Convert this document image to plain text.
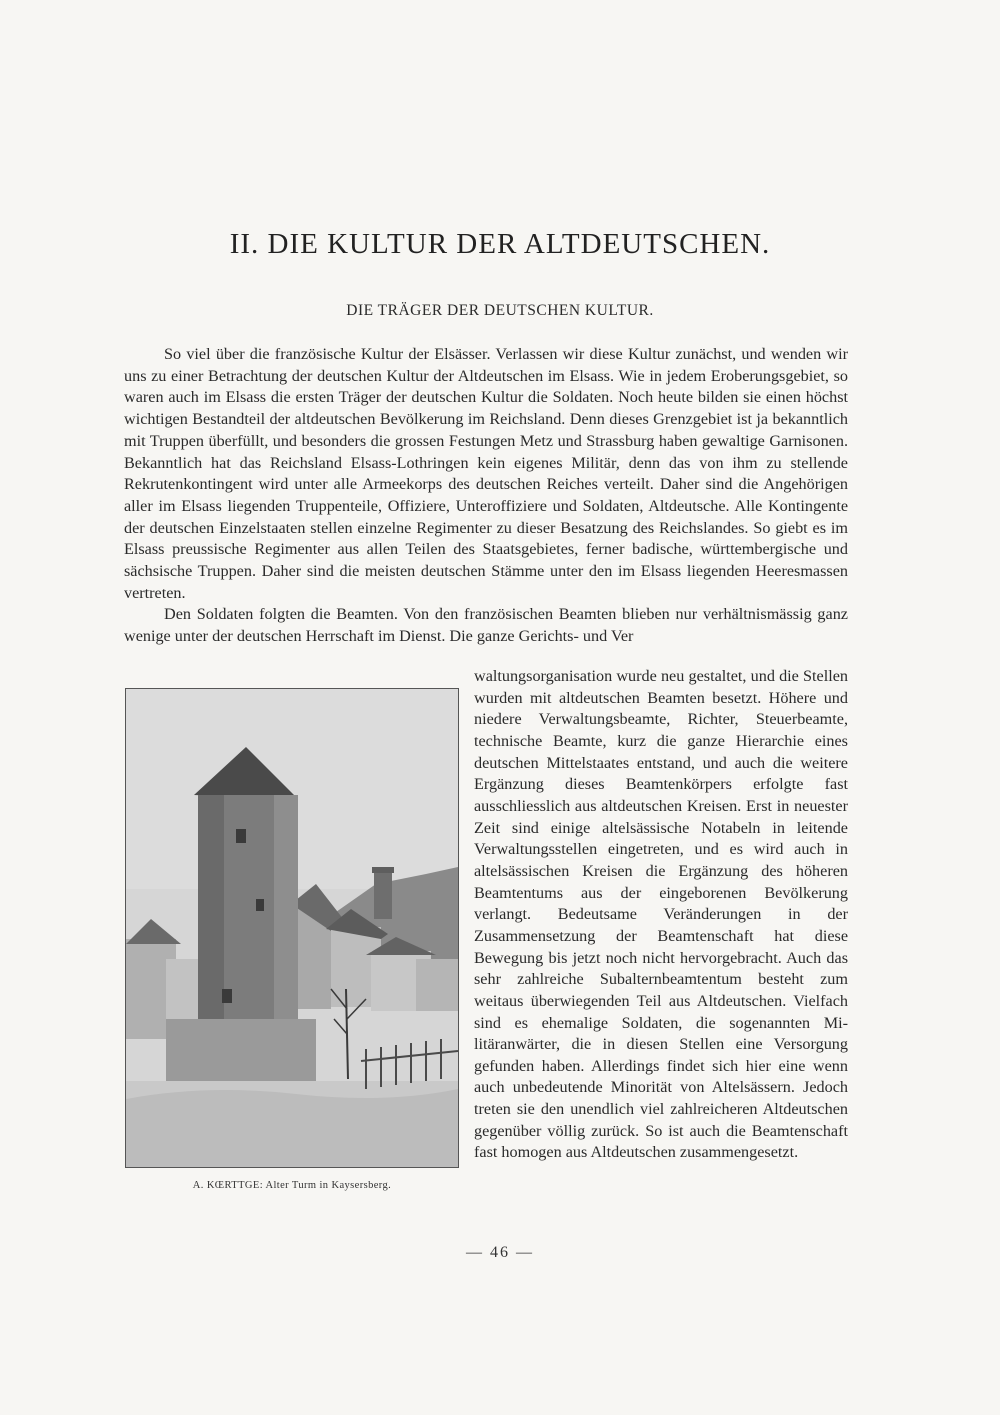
II. DIE KULTUR DER ALTDEUTSCHEN.
DIE TRÄGER DER DEUTSCHEN KULTUR.

So viel über die französische Kultur der Elsässer. Verlassen wir diese Kultur zunächst, und wenden wir uns zu einer Betrachtung der deutschen Kultur der Altdeutschen im Elsass. Wie in jedem Eroberungsgebiet, so waren auch im Elsass die ersten Träger der deutschen Kultur die Soldaten. Noch heute bilden sie einen höchst wichtigen Bestandteil der altdeutschen Bevölkerung im Reichsland. Denn dieses Grenzgebiet ist ja bekanntlich mit Truppen überfüllt, und besonders die grossen Festungen Metz und Strassburg haben gewaltige Garnisonen. Bekanntlich hat das Reichsland Elsass-Lothringen kein eigenes Militär, denn das von ihm zu stellende Rekrutenkontingent wird unter alle Armeekorps des deutschen Reiches verteilt. Daher sind die Angehörigen aller im Elsass liegenden Truppenteile, Offiziere, Unteroffiziere und Soldaten, Altdeutsche. Alle Kontingente der deutschen Einzelstaaten stellen einzelne Regimenter zu dieser Besatzung des Reichslandes. So giebt es im Elsass preussische Regimenter aus allen Teilen des Staatsgebietes, ferner badische, württembergische und sächsische Truppen. Daher sind die meisten deutschen Stämme unter den im Elsass liegenden Heeresmassen vertreten.

Den Soldaten folgten die Beamten. Von den französischen Beamten blieben nur verhältnismässig ganz wenige unter der deutschen Herrschaft im Dienst. Die ganze Gerichts- und Ver

A. KŒRTTGE: Alter Turm in Kaysersberg.

waltungsorganisation wurde neu gestaltet, und die Stellen wurden mit altdeutschen Beamten besetzt. Höhere und niedere Verwaltungsbeamte, Richter, Steuerbeamte, technische Beamte, kurz die ganze Hierarchie eines deutschen Mittelstaates entstand, und auch die weitere Ergänzung dieses Beamtenkörpers erfolgte fast ausschliesslich aus altdeutschen Kreisen. Erst in neuester Zeit sind einige altelsässische Notabeln in leitende Verwaltungsstellen eingetreten, und es wird auch in altelsässischen Kreisen die Ergänzung des höheren Beamtentums aus der eingeborenen Bevölkerung verlangt. Bedeutsame Veränderungen in der Zusammensetzung der Beamtenschaft hat diese Bewegung bis jetzt noch nicht hervorgebracht. Auch das sehr zahlreiche Subalternbeamtentum besteht zum weitaus überwiegenden Teil aus Altdeutschen. Vielfach sind es ehemalige Soldaten, die sogenannten Militäranwärter, die in diesen Stellen eine Versorgung gefunden haben. Allerdings findet sich hier eine wenn auch unbedeutende Minorität von Altelsässern. Jedoch treten sie den unendlich viel zahlreicheren Altdeutschen gegenüber völlig zurück. So ist auch die Beamtenschaft fast homogen aus Altdeutschen zusammengesetzt.

— 46 —
